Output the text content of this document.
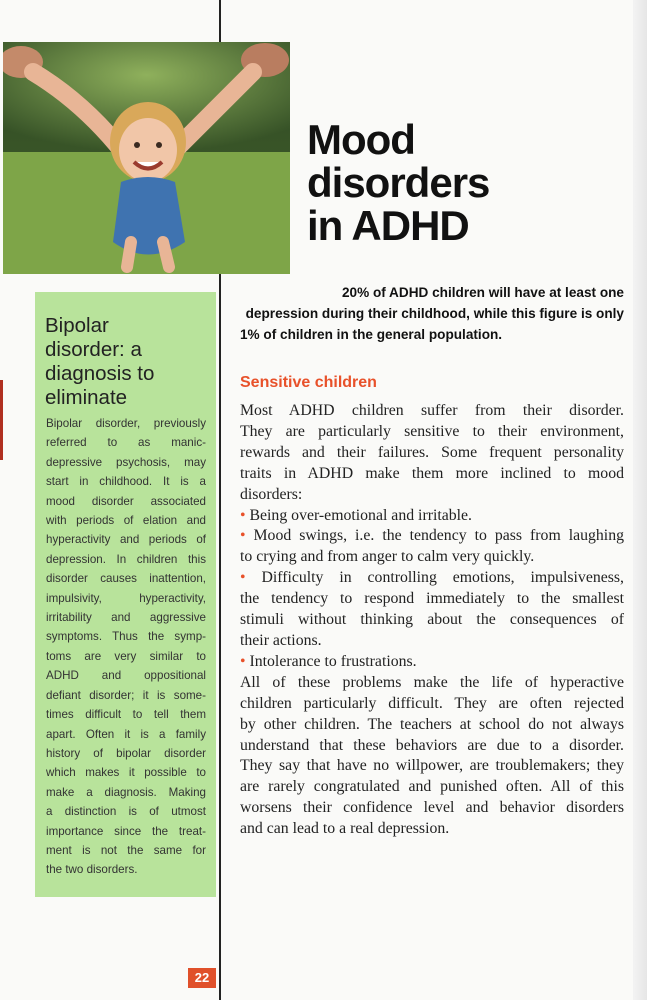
Mood
disorders
in ADHD
20% of ADHD children will have at least one
depression during their childhood, while this figure is only
1% of children in the general population.
Bipolar
disorder: a
diagnosis to
eliminate
Bipolar disorder, previously
referred to as manic-
depressive psychosis, may
start in childhood. It is a
mood disorder associated
with periods of elation and
hyperactivity and periods of
depression. In children this
disorder causes inattention,
impulsivity, hyperactivity,
irritability and aggressive
symptoms. Thus the symp-
toms are very similar to
ADHD and oppositional
defiant disorder; it is some-
times difficult to tell them
apart. Often it is a family
history of bipolar disorder
which makes it possible to
make a diagnosis. Making
a distinction is of utmost
importance since the treat-
ment is not the same for
the two disorders.
Sensitive children
Most ADHD children suffer from their disorder.
They are particularly sensitive to their environment,
rewards and their failures. Some frequent personality
traits in ADHD make them more inclined to mood
disorders:
• Being over-emotional and irritable.
• Mood swings, i.e. the tendency to pass from laughing
to crying and from anger to calm very quickly.
• Difficulty in controlling emotions, impulsiveness,
the tendency to respond immediately to the smallest
stimuli without thinking about the consequences of
their actions.
• Intolerance to frustrations.
All of these problems make the life of hyperactive
children particularly difficult. They are often rejected
by other children. The teachers at school do not always
understand that these behaviors are due to a disorder.
They say that have no willpower, are troublemakers; they
are rarely congratulated and punished often. All of this
worsens their confidence level and behavior disorders
and can lead to a real depression.
22
